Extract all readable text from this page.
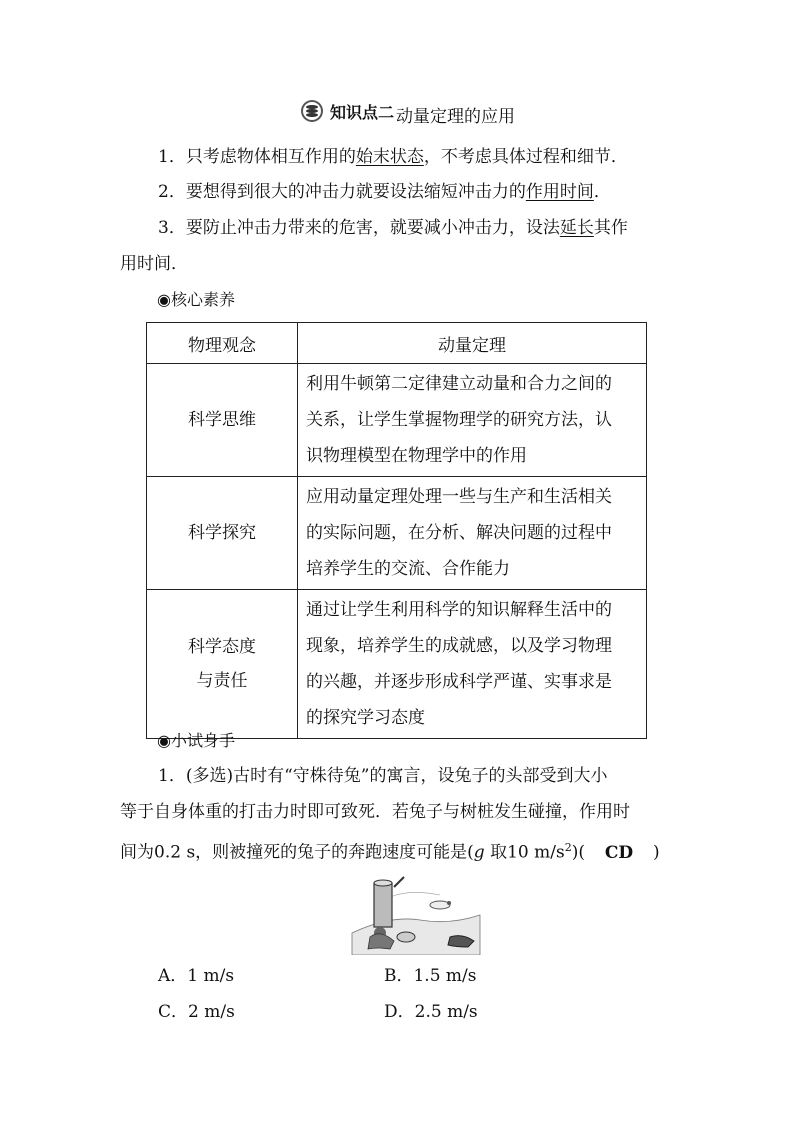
知识点二 动量定理的应用
1．只考虑物体相互作用的始末状态，不考虑具体过程和细节．
2．要想得到很大的冲击力就要设法缩短冲击力的作用时间．
3．要防止冲击力带来的危害，就要减小冲击力，设法延长其作
用时间．
◉核心素养
物理观念	动量定理
科学思维	利用牛顿第二定律建立动量和合力之间的
关系，让学生掌握物理学的研究方法，认
识物理模型在物理学中的作用

科学探究	应用动量定理处理一些与生产和生活相关
的实际问题，在分析、解决问题的过程中
培养学生的交流、合作能力

科学态度
与责任	通过让学生利用科学的知识解释生活中的
现象，培养学生的成就感，以及学习物理
的兴趣，并逐步形成科学严谨、实事求是
的探究学习态度
◉小试身手
1．(多选)古时有“守株待兔”的寓言，设兔子的头部受到大小
等于自身体重的打击力时即可致死．若兔子与树桩发生碰撞，作用时
间为0.2 s，则被撞死的兔子的奔跑速度可能是(g 取10 $m/s^2$)( CD )
A．1 m/s	B．1.5 m/s
C．2 m/s	D．2.5 m/s
